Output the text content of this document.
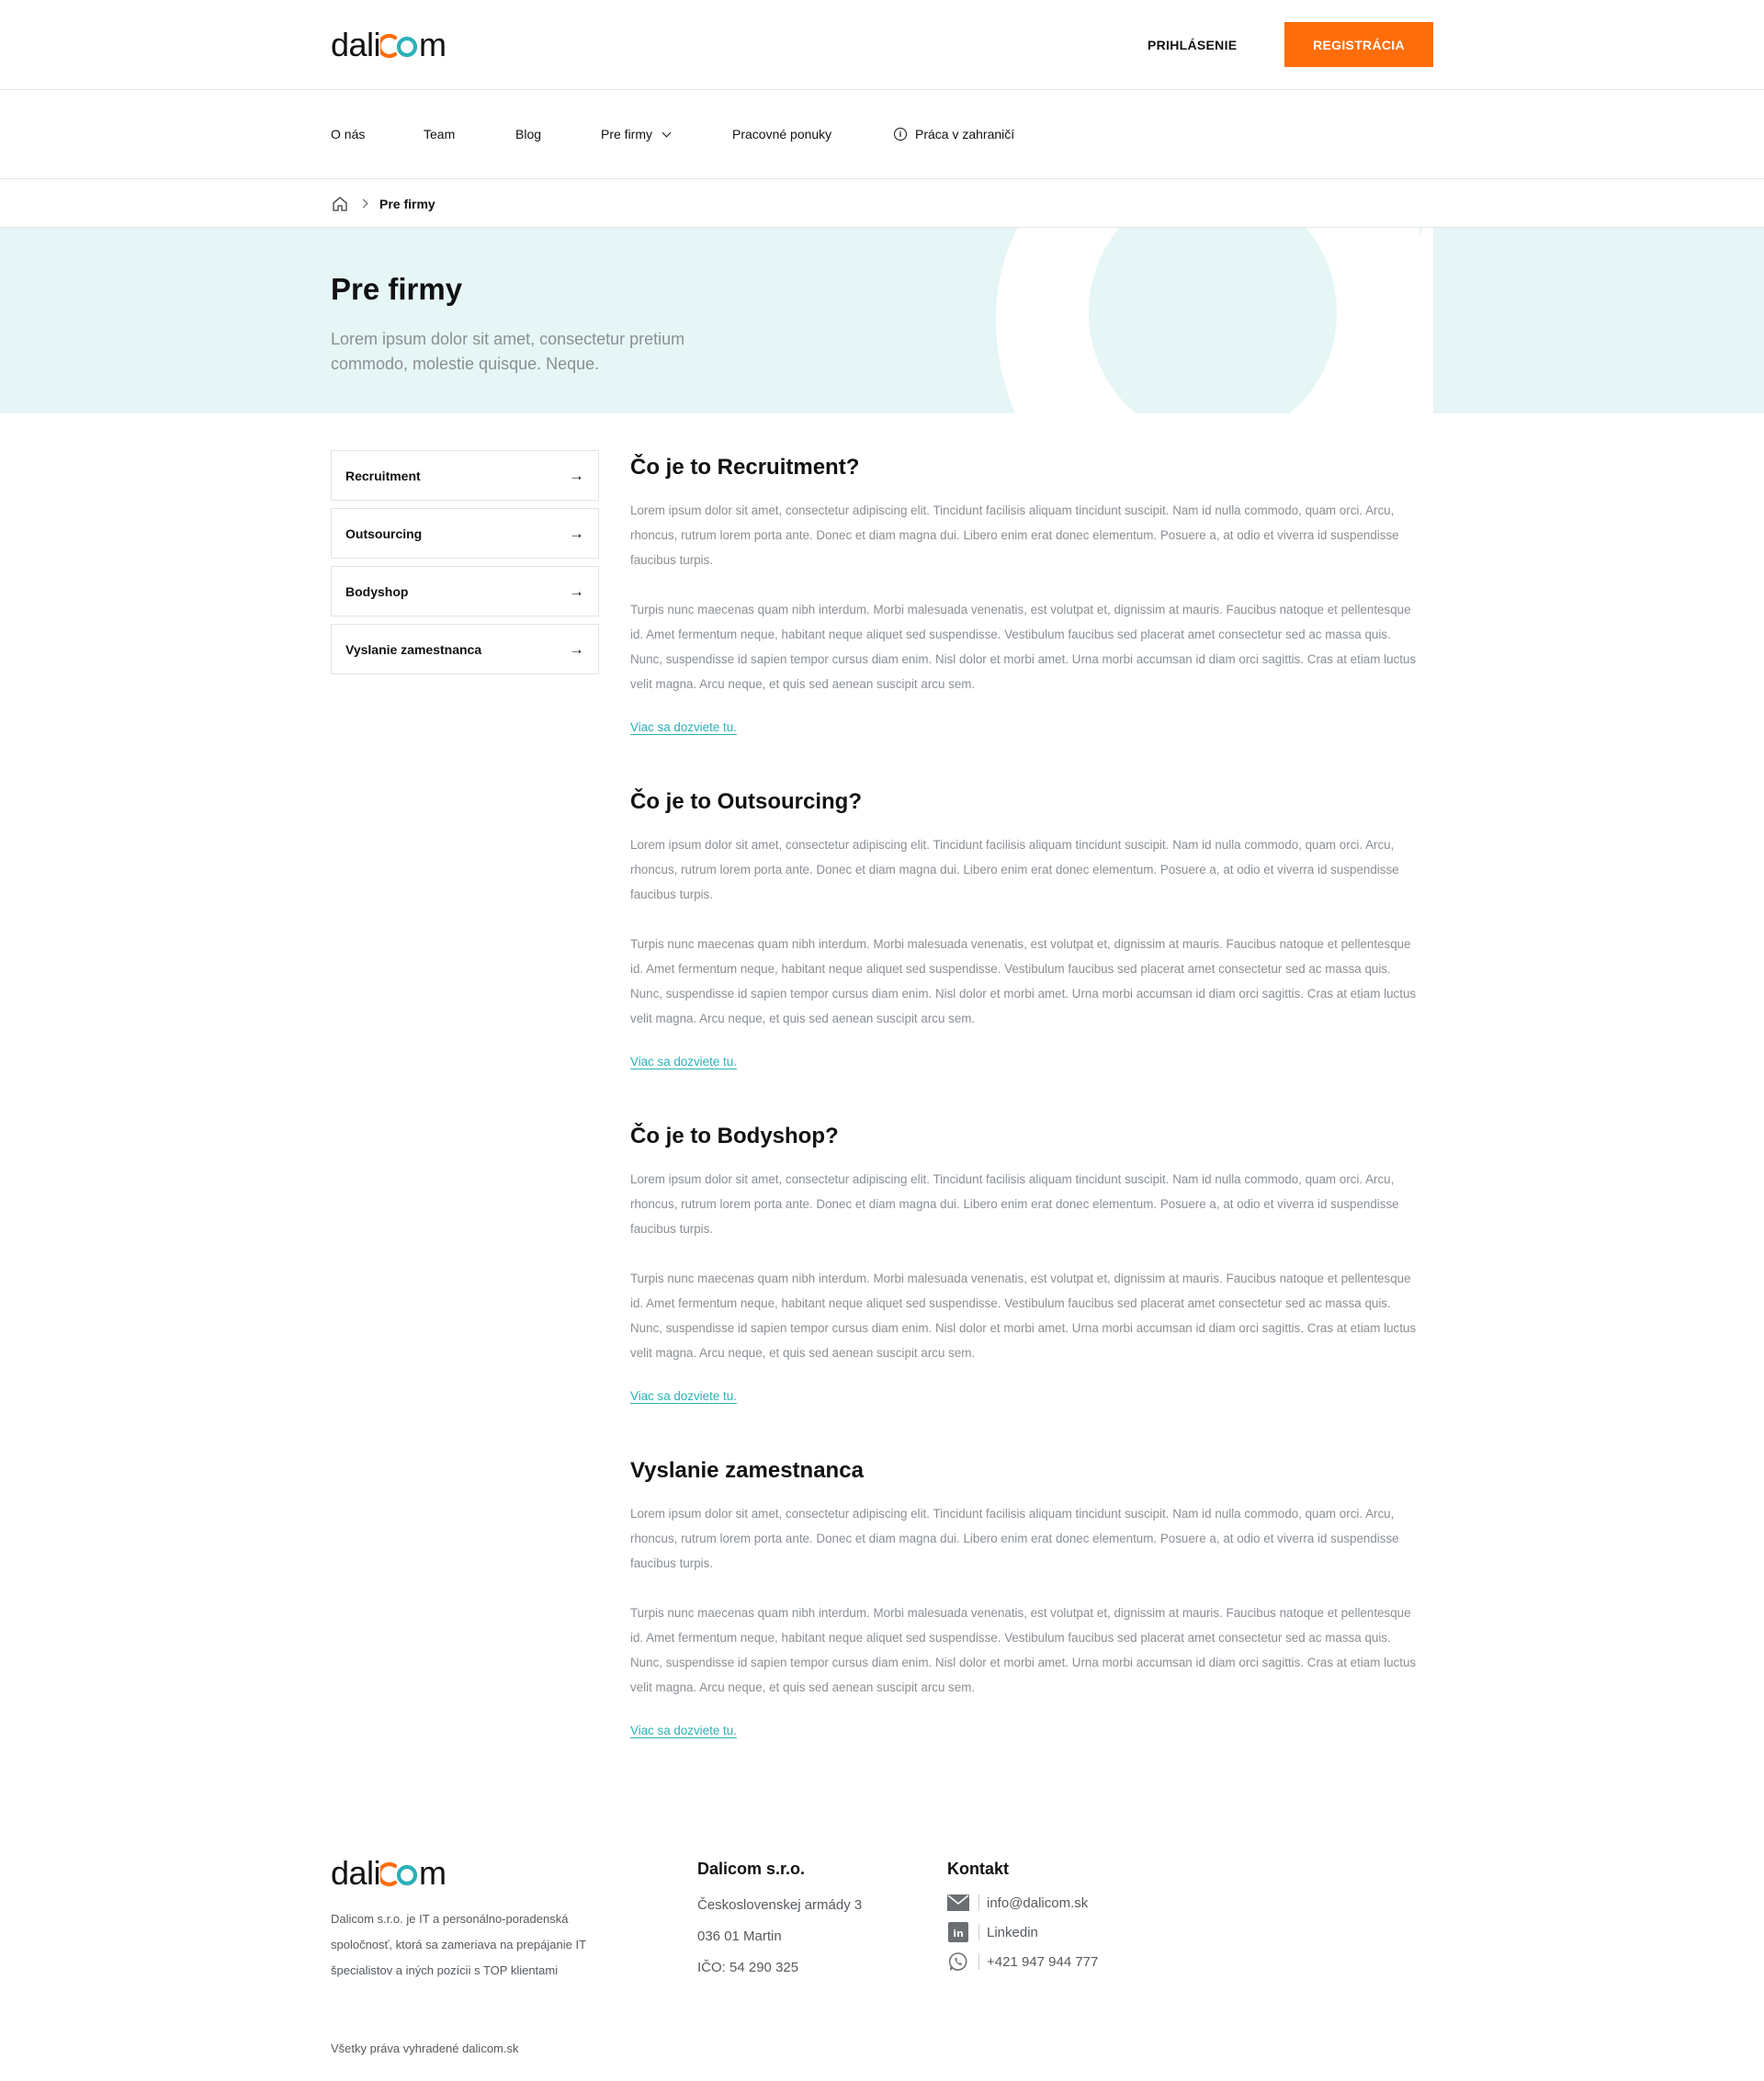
dali m	PRIHLÁSENIE	REGISTRÁCIA
O nás	Team	Blog	Pre firmy	Pracovné ponuky	i	Práca v zahraničí
Pre firmy
Pre firmy
Lorem ipsum dolor sit amet, consectetur pretium commodo, molestie quisque. Neque.
Recruitment	→
Outsourcing	→
Bodyshop	→
Vyslanie zamestnanca	→
Čo je to Recruitment?

Lorem ipsum dolor sit amet, consectetur adipiscing elit. Tincidunt facilisis aliquam tincidunt suscipit. Nam id nulla commodo, quam orci. Arcu, rhoncus, rutrum lorem porta ante. Donec et diam magna dui. Libero enim erat donec elementum. Posuere a, at odio et viverra id suspendisse faucibus turpis.

Turpis nunc maecenas quam nibh interdum. Morbi malesuada venenatis, est volutpat et, dignissim at mauris. Faucibus natoque et pellentesque id. Amet fermentum neque, habitant neque aliquet sed suspendisse. Vestibulum faucibus sed placerat amet consectetur sed ac massa quis. Nunc, suspendisse id sapien tempor cursus diam enim. Nisl dolor et morbi amet. Urna morbi accumsan id diam orci sagittis. Cras at etiam luctus velit magna. Arcu neque, et quis sed aenean suscipit arcu sem.

Viac sa dozviete tu.
Čo je to Outsourcing?

Lorem ipsum dolor sit amet, consectetur adipiscing elit. Tincidunt facilisis aliquam tincidunt suscipit. Nam id nulla commodo, quam orci. Arcu, rhoncus, rutrum lorem porta ante. Donec et diam magna dui. Libero enim erat donec elementum. Posuere a, at odio et viverra id suspendisse faucibus turpis.

Turpis nunc maecenas quam nibh interdum. Morbi malesuada venenatis, est volutpat et, dignissim at mauris. Faucibus natoque et pellentesque id. Amet fermentum neque, habitant neque aliquet sed suspendisse. Vestibulum faucibus sed placerat amet consectetur sed ac massa quis. Nunc, suspendisse id sapien tempor cursus diam enim. Nisl dolor et morbi amet. Urna morbi accumsan id diam orci sagittis. Cras at etiam luctus velit magna. Arcu neque, et quis sed aenean suscipit arcu sem.

Viac sa dozviete tu.
Čo je to Bodyshop?

Lorem ipsum dolor sit amet, consectetur adipiscing elit. Tincidunt facilisis aliquam tincidunt suscipit. Nam id nulla commodo, quam orci. Arcu, rhoncus, rutrum lorem porta ante. Donec et diam magna dui. Libero enim erat donec elementum. Posuere a, at odio et viverra id suspendisse faucibus turpis.

Turpis nunc maecenas quam nibh interdum. Morbi malesuada venenatis, est volutpat et, dignissim at mauris. Faucibus natoque et pellentesque id. Amet fermentum neque, habitant neque aliquet sed suspendisse. Vestibulum faucibus sed placerat amet consectetur sed ac massa quis. Nunc, suspendisse id sapien tempor cursus diam enim. Nisl dolor et morbi amet. Urna morbi accumsan id diam orci sagittis. Cras at etiam luctus velit magna. Arcu neque, et quis sed aenean suscipit arcu sem.

Viac sa dozviete tu.
Vyslanie zamestnanca

Lorem ipsum dolor sit amet, consectetur adipiscing elit. Tincidunt facilisis aliquam tincidunt suscipit. Nam id nulla commodo, quam orci. Arcu, rhoncus, rutrum lorem porta ante. Donec et diam magna dui. Libero enim erat donec elementum. Posuere a, at odio et viverra id suspendisse faucibus turpis.

Turpis nunc maecenas quam nibh interdum. Morbi malesuada venenatis, est volutpat et, dignissim at mauris. Faucibus natoque et pellentesque id. Amet fermentum neque, habitant neque aliquet sed suspendisse. Vestibulum faucibus sed placerat amet consectetur sed ac massa quis. Nunc, suspendisse id sapien tempor cursus diam enim. Nisl dolor et morbi amet. Urna morbi accumsan id diam orci sagittis. Cras at etiam luctus velit magna. Arcu neque, et quis sed aenean suscipit arcu sem.

Viac sa dozviete tu.
dali m
Dalicom s.r.o. je IT a personálno-poradenská spoločnosť, ktorá sa zameriava na prepájanie IT špecialistov a iných pozícii s TOP klientami
Dalicom s.r.o.
Československej armády 3
036 01 Martin
IČO: 54 290 325
Kontakt
info@dalicom.sk
in Linkedin
+421 947 944 777
Všetky práva vyhradené dalicom.sk
